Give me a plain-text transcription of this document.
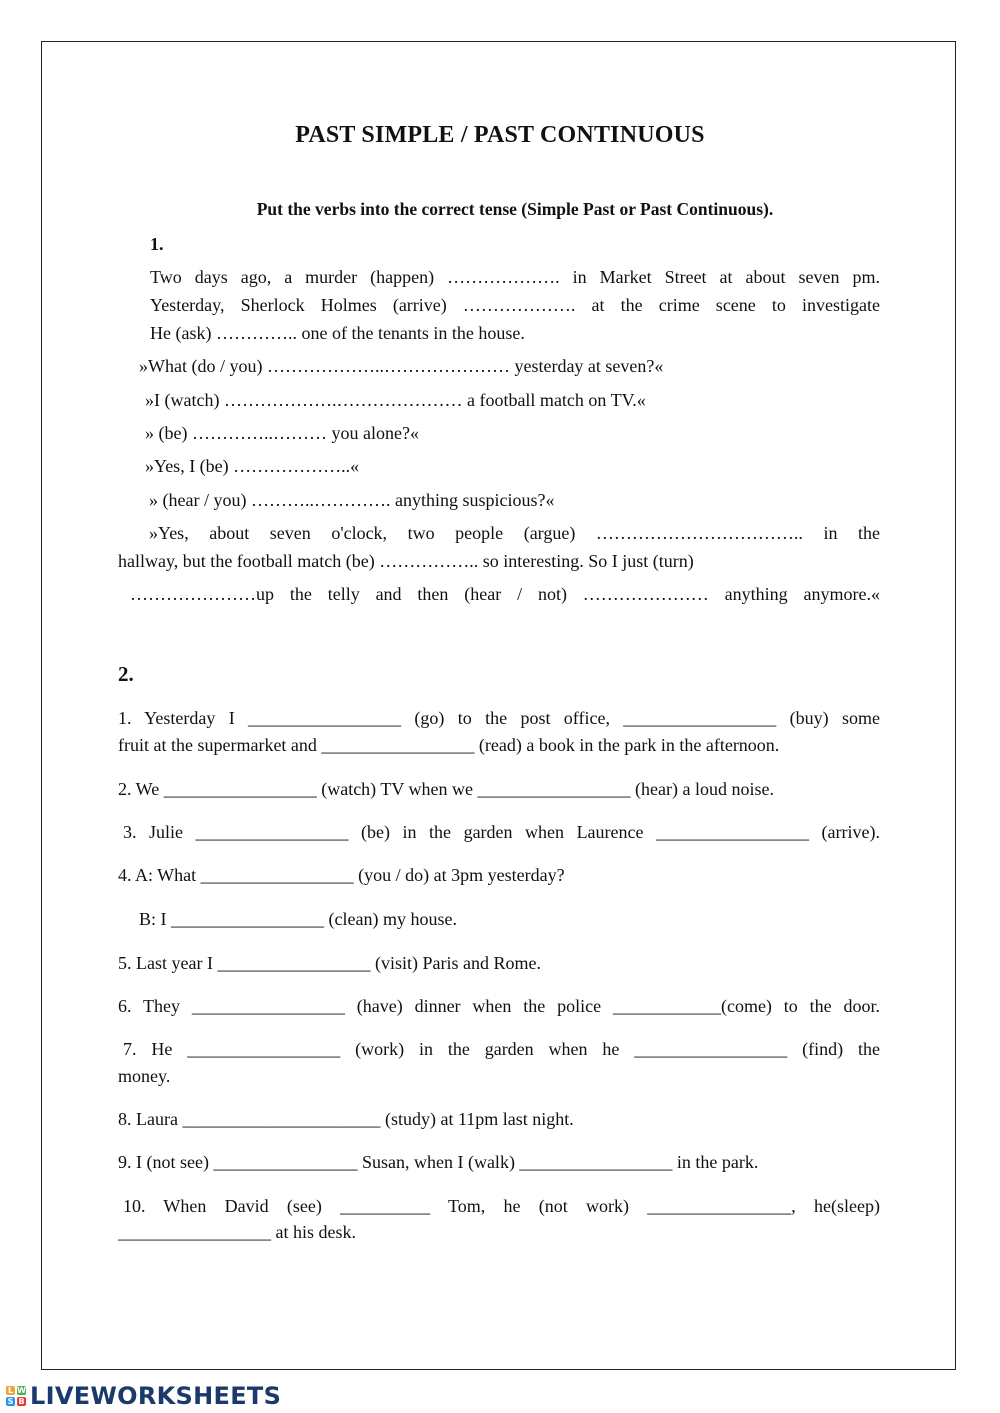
PAST SIMPLE / PAST CONTINUOUS
Put the verbs into the correct tense (Simple Past or Past Continuous).
1.
Two days ago, a murder (happen) ………………. in Market Street at about seven pm.
Yesterday, Sherlock Holmes (arrive) ………………. at the crime scene to investigate
He (ask) ………….. one of the tenants in the house.
»What (do / you) ………………..………………… yesterday at seven?«
»I (watch) ……………….………………… a football match on TV.«
» (be) …………..……… you alone?«
»Yes, I (be) ………………..«
» (hear / you) ………..…………. anything suspicious?«
»Yes, about seven o'clock, two people (argue) …………………………….. in the
hallway, but the football match (be) …………….. so interesting. So I just (turn)
…………………up the telly and then (hear / not) ………………… anything anymore.«
2.
1. Yesterday I _________________ (go) to the post office, _________________ (buy) some
fruit at the supermarket and _________________ (read) a book in the park in the afternoon.
2. We _________________ (watch) TV when we _________________ (hear) a loud noise.
3. Julie _________________ (be) in the garden when Laurence _________________ (arrive).
4. A: What _________________ (you / do) at 3pm yesterday?
B: I _________________ (clean) my house.
5. Last year I _________________ (visit) Paris and Rome.
6. They _________________ (have) dinner when the police ____________(come) to the door.
7. He _________________ (work) in the garden when he _________________ (find) the
money.
8. Laura ______________________ (study) at 11pm last night.
9. I (not see) ________________ Susan, when I (walk) _________________ in the park.
10. When David (see) __________ Tom, he (not work) ________________, he(sleep)
_________________ at his desk.
L W
S B LIVEWORKSHEETS
